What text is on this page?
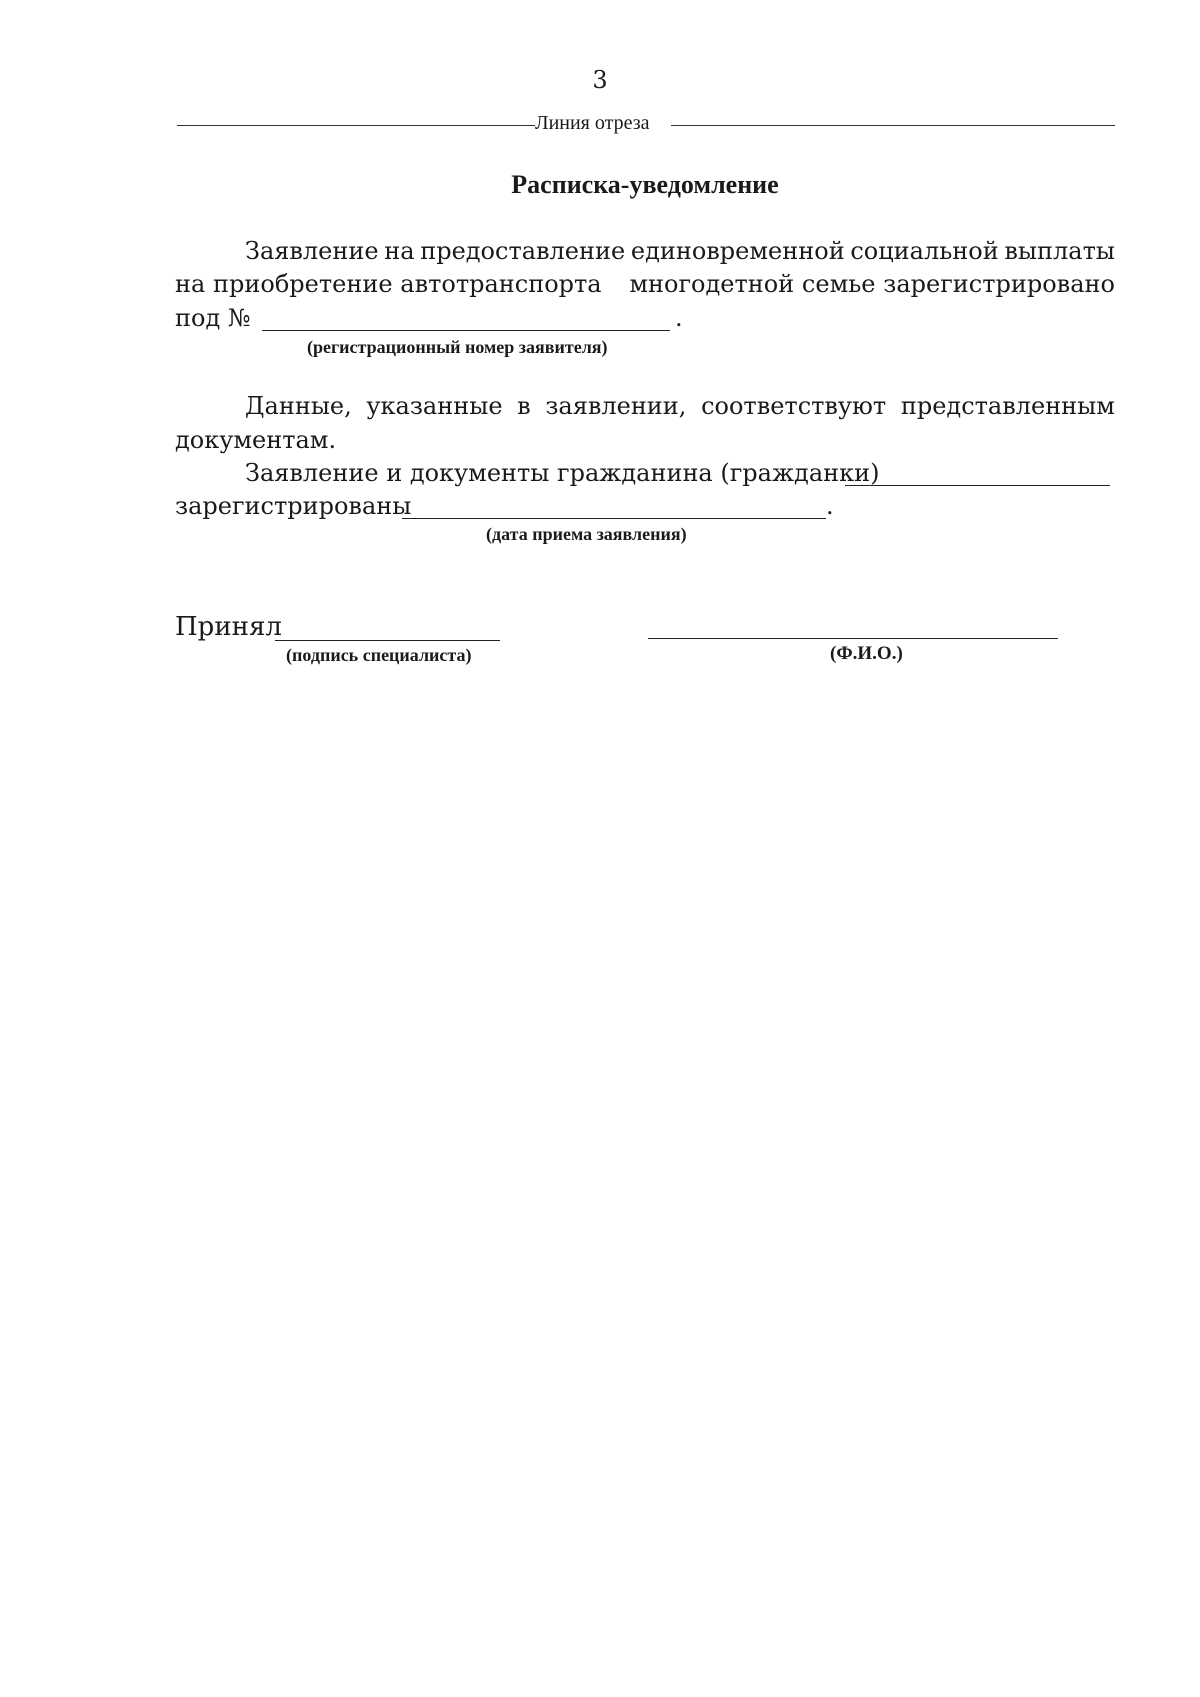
3
Линия отреза
Расписка-уведомление
Заявление на предоставление единовременной социальной выплаты
на приобретение автотранспорта многодетной семье зарегистрировано
под №	.
(регистрационный номер заявителя)
Данные, указанные в заявлении, соответствуют представленным
документам.
Заявление и документы гражданина (гражданки)
зарегистрированы	.
(дата приема заявления)
Принял
(подпись специалиста)	(Ф.И.О.)
